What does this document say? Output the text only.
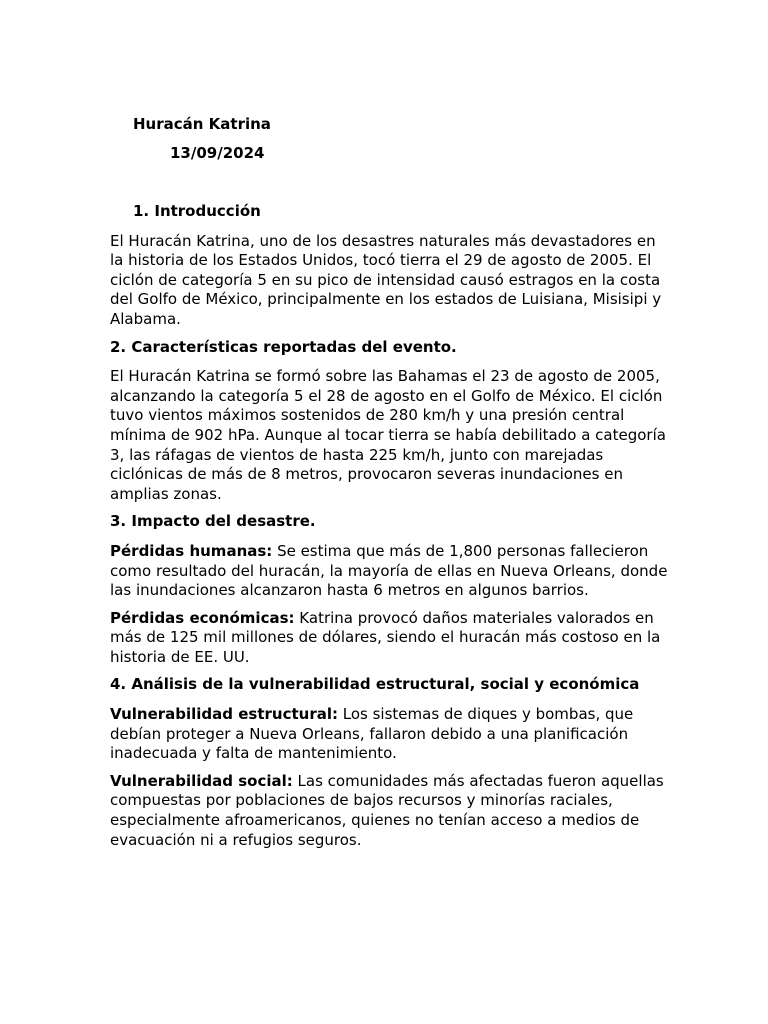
Huracán Katrina
13/09/2024
1. Introducción

El Huracán Katrina, uno de los desastres naturales más devastadores en la historia de los Estados Unidos, tocó tierra el 29 de agosto de 2005. El ciclón de categoría 5 en su pico de intensidad causó estragos en la costa del Golfo de México, principalmente en los estados de Luisiana, Misisipi y Alabama.

2. Características reportadas del evento.

El Huracán Katrina se formó sobre las Bahamas el 23 de agosto de 2005, alcanzando la categoría 5 el 28 de agosto en el Golfo de México. El ciclón tuvo vientos máximos sostenidos de 280 km/h y una presión central mínima de 902 hPa. Aunque al tocar tierra se había debilitado a categoría 3, las ráfagas de vientos de hasta 225 km/h, junto con marejadas ciclónicas de más de 8 metros, provocaron severas inundaciones en amplias zonas.

3. Impacto del desastre.

Pérdidas humanas: Se estima que más de 1,800 personas fallecieron como resultado del huracán, la mayoría de ellas en Nueva Orleans, donde las inundaciones alcanzaron hasta 6 metros en algunos barrios.

Pérdidas económicas: Katrina provocó daños materiales valorados en más de 125 mil millones de dólares, siendo el huracán más costoso en la historia de EE. UU.

4. Análisis de la vulnerabilidad estructural, social y económica

Vulnerabilidad estructural: Los sistemas de diques y bombas, que debían proteger a Nueva Orleans, fallaron debido a una planificación inadecuada y falta de mantenimiento.

Vulnerabilidad social: Las comunidades más afectadas fueron aquellas compuestas por poblaciones de bajos recursos y minorías raciales, especialmente afroamericanos, quienes no tenían acceso a medios de evacuación ni a refugios seguros.
